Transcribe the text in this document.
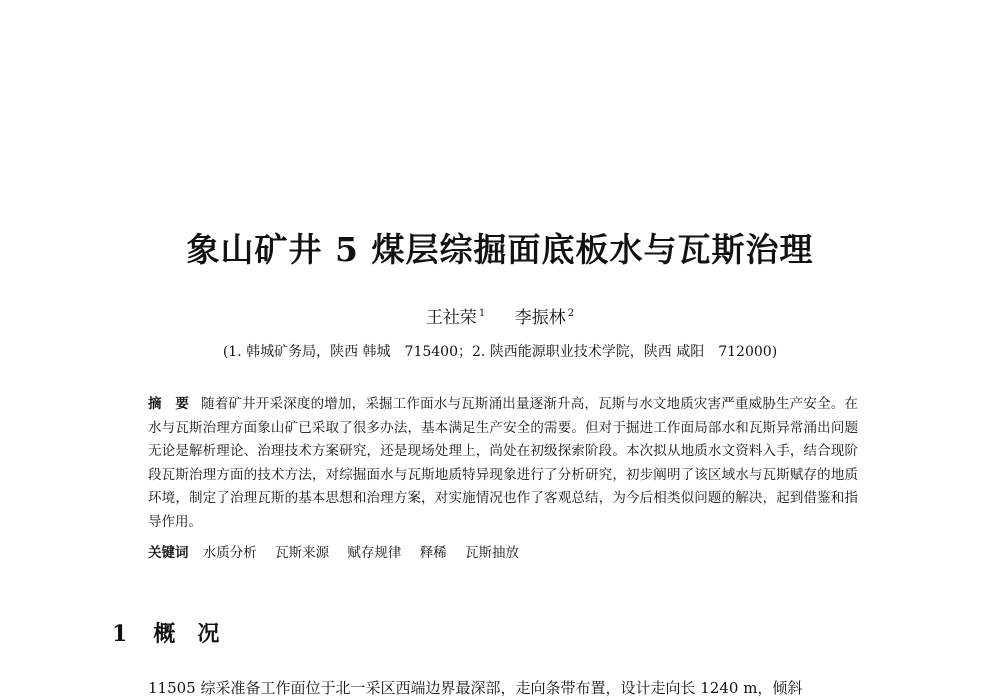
象山矿井 5 煤层综掘面底板水与瓦斯治理
王社荣 $^1$ 李振林 $^2$
(1. 韩城矿务局，陕西 韩城　715400；2. 陕西能源职业技术学院，陕西 咸阳　712000)
摘　要 随着矿井开采深度的增加，采掘工作面水与瓦斯涌出量逐渐升高，瓦斯与水文地质灾害严重威胁生产安全。在水与瓦斯治理方面象山矿已采取了很多办法，基本满足生产安全的需要。但对于掘进工作面局部水和瓦斯异常涌出问题无论是解析理论、治理技术方案研究，还是现场处理上，尚处在初级探索阶段。本次拟从地质水文资料入手，结合现阶段瓦斯治理方面的技术方法，对综掘面水与瓦斯地质特异现象进行了分析研究，初步阐明了该区域水与瓦斯赋存的地质环境，制定了治理瓦斯的基本思想和治理方案，对实施情况也作了客观总结，为今后相类似问题的解决，起到借鉴和指导作用。
关键词 水质分析 瓦斯来源 赋存规律 释稀 瓦斯抽放
1 概　况
11505 综采准备工作面位于北一采区西端边界最深部，走向条带布置，设计走向长 1240 m，倾斜
